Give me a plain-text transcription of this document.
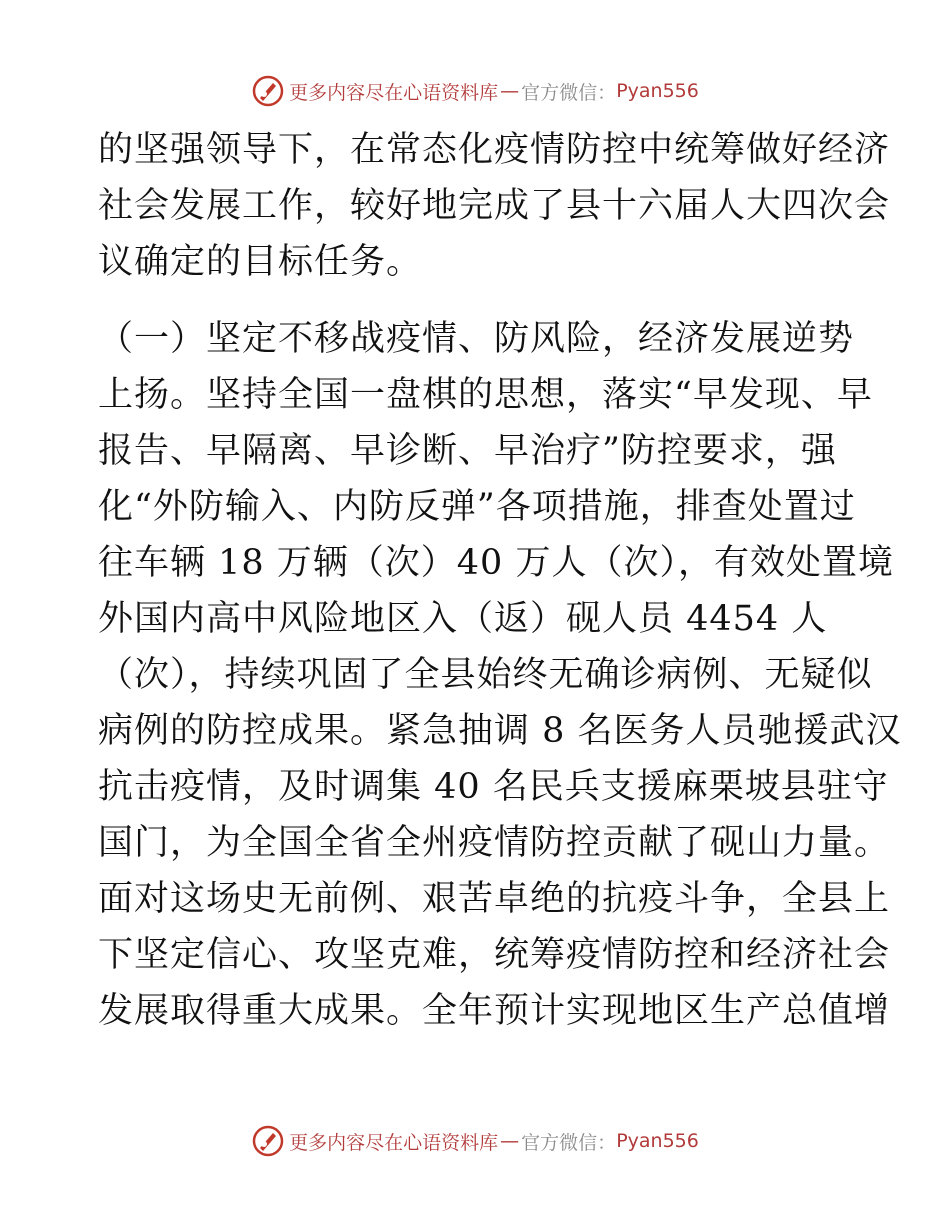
更多内容尽在心语资料库 — 官方微信： Pyan556
的坚强领导下，在常态化疫情防控中统筹做好经济
社会发展工作，较好地完成了县十六届人大四次会
议确定的目标任务。
（一）坚定不移战疫情、防风险，经济发展逆势
上扬。坚持全国一盘棋的思想，落实“早发现、早
报告、早隔离、早诊断、早治疗”防控要求，强
化“外防输入、内防反弹”各项措施，排查处置过
往车辆 18 万辆（次）40 万人（次），有效处置境
外国内高中风险地区入（返）砚人员 4454 人
（次），持续巩固了全县始终无确诊病例、无疑似
病例的防控成果。紧急抽调 8 名医务人员驰援武汉
抗击疫情，及时调集 40 名民兵支援麻栗坡县驻守
国门，为全国全省全州疫情防控贡献了砚山力量。
面对这场史无前例、艰苦卓绝的抗疫斗争，全县上
下坚定信心、攻坚克难，统筹疫情防控和经济社会
发展取得重大成果。全年预计实现地区生产总值增
更多内容尽在心语资料库 — 官方微信： Pyan556
